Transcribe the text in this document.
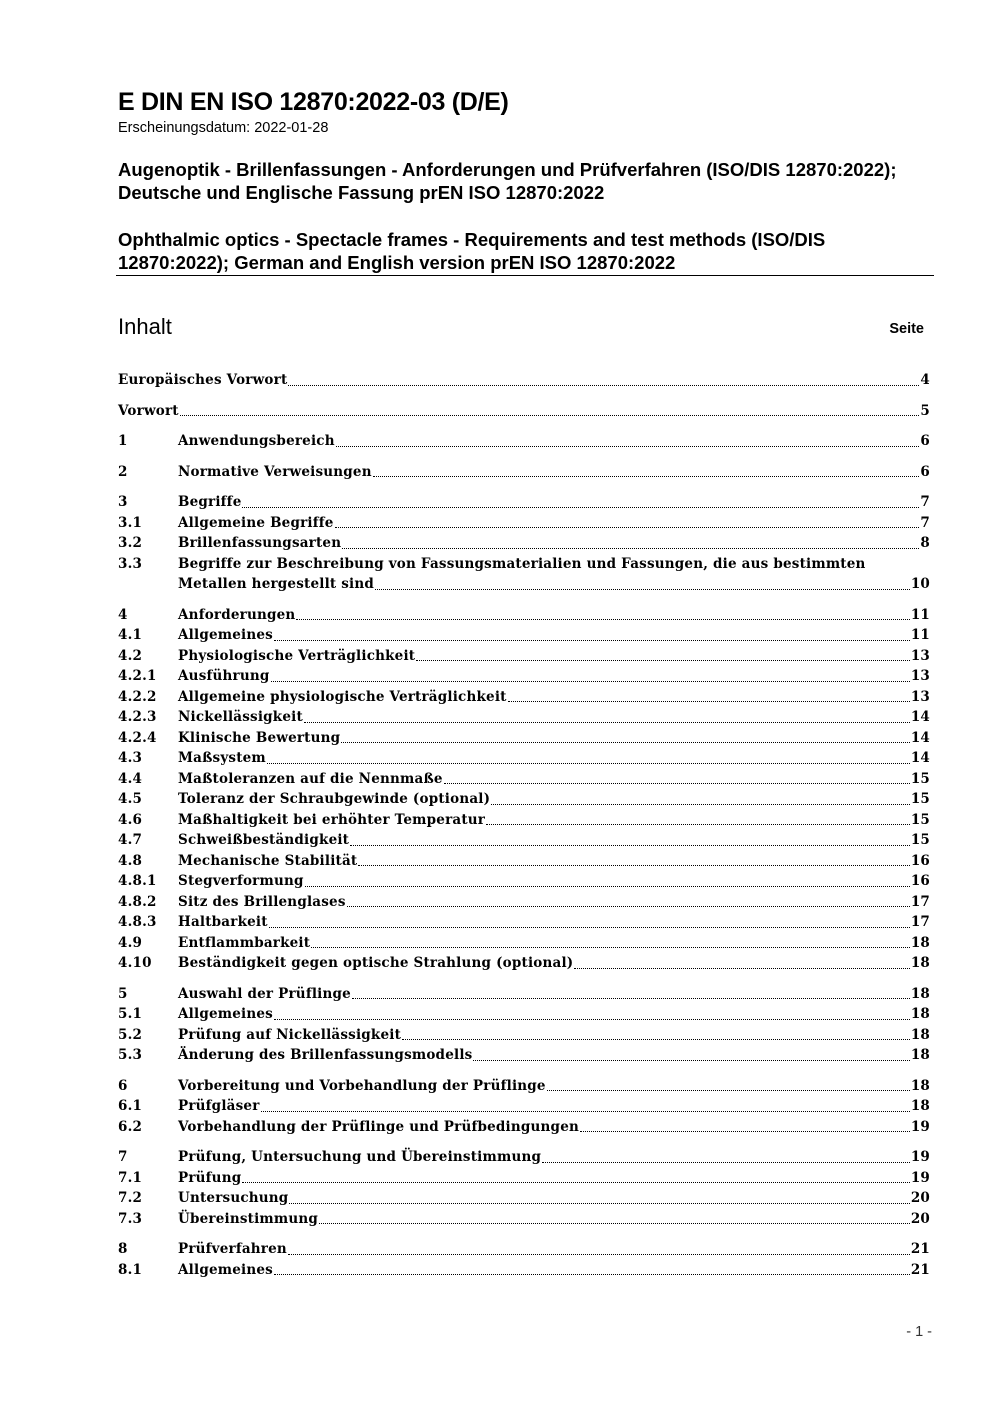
E DIN EN ISO 12870:2022-03 (D/E)
Erscheinungsdatum: 2022-01-28
Augenoptik - Brillenfassungen - Anforderungen und Prüfverfahren (ISO/DIS 12870:2022); Deutsche und Englische Fassung prEN ISO 12870:2022
Ophthalmic optics - Spectacle frames - Requirements and test methods (ISO/DIS 12870:2022); German and English version prEN ISO 12870:2022
Inhalt	Seite
Europäisches Vorwort	4
Vorwort	5
1	Anwendungsbereich	6
2	Normative Verweisungen	6
3	Begriffe	7
3.1	Allgemeine Begriffe	7
3.2	Brillenfassungsarten	8
3.3	Begriffe zur Beschreibung von Fassungsmaterialien und Fassungen, die aus bestimmten
Metallen hergestellt sind	10
4	Anforderungen	11
4.1	Allgemeines	11
4.2	Physiologische Verträglichkeit	13
4.2.1	Ausführung	13
4.2.2	Allgemeine physiologische Verträglichkeit	13
4.2.3	Nickellässigkeit	14
4.2.4	Klinische Bewertung	14
4.3	Maßsystem	14
4.4	Maßtoleranzen auf die Nennmaße	15
4.5	Toleranz der Schraubgewinde (optional)	15
4.6	Maßhaltigkeit bei erhöhter Temperatur	15
4.7	Schweißbeständigkeit	15
4.8	Mechanische Stabilität	16
4.8.1	Stegverformung	16
4.8.2	Sitz des Brillenglases	17
4.8.3	Haltbarkeit	17
4.9	Entflammbarkeit	18
4.10	Beständigkeit gegen optische Strahlung (optional)	18
5	Auswahl der Prüflinge	18
5.1	Allgemeines	18
5.2	Prüfung auf Nickellässigkeit	18
5.3	Änderung des Brillenfassungsmodells	18
6	Vorbereitung und Vorbehandlung der Prüflinge	18
6.1	Prüfgläser	18
6.2	Vorbehandlung der Prüflinge und Prüfbedingungen	19
7	Prüfung, Untersuchung und Übereinstimmung	19
7.1	Prüfung	19
7.2	Untersuchung	20
7.3	Übereinstimmung	20
8	Prüfverfahren	21
8.1	Allgemeines	21
- 1 -
